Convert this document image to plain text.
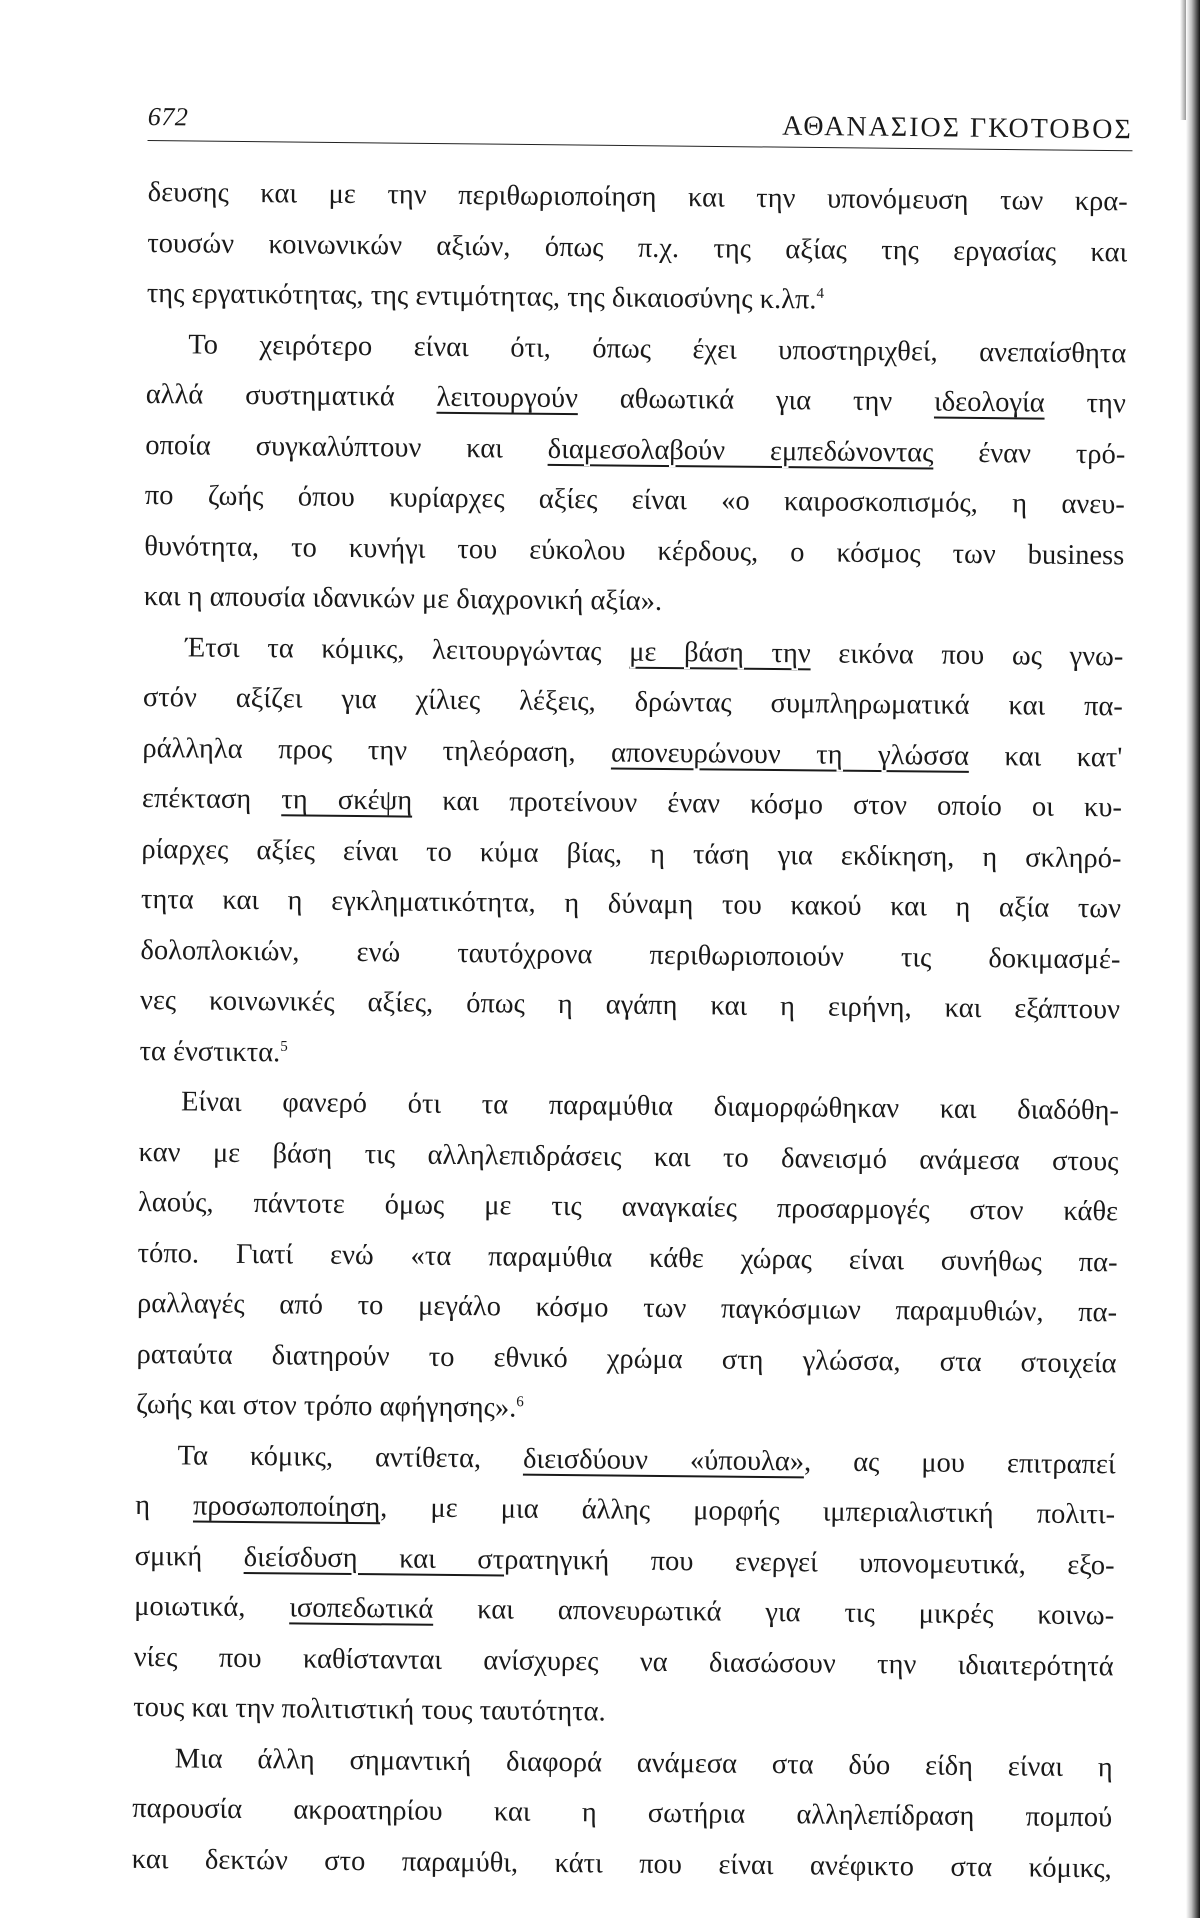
672	ΑΘΑΝΑΣΙΟΣ ΓΚΟΤΟΒΟΣ
δευσης και με την περιθωριοποίηση και την υπονόμευση των κρα-
τουσών κοινωνικών αξιών, όπως π.χ. της αξίας της εργασίας και
της εργατικότητας, της εντιμότητας, της δικαιοσύνης κ.λπ.$^4$
Το χειρότερο είναι ότι, όπως έχει υποστηριχθεί, ανεπαίσθητα
αλλά συστηματικά λειτουργούν αθωωτικά για την ιδεολογία την
οποία συγκαλύπτουν και διαμεσολαβούν εμπεδώνοντας έναν τρό-
πο ζωής όπου κυρίαρχες αξίες είναι «ο καιροσκοπισμός, η ανευ-
θυνότητα, το κυνήγι του εύκολου κέρδους, ο κόσμος των business
και η απουσία ιδανικών με διαχρονική αξία».
Έτσι τα κόμικς, λειτουργώντας με βάση την εικόνα που ως γνω-
στόν αξίζει για χίλιες λέξεις, δρώντας συμπληρωματικά και πα-
ράλληλα προς την τηλεόραση, απονευρώνουν τη γλώσσα και κατ'
επέκταση τη σκέψη και προτείνουν έναν κόσμο στον οποίο οι κυ-
ρίαρχες αξίες είναι το κύμα βίας, η τάση για εκδίκηση, η σκληρό-
τητα και η εγκληματικότητα, η δύναμη του κακού και η αξία των
δολοπλοκιών, ενώ ταυτόχρονα περιθωριοποιούν τις δοκιμασμέ-
νες κοινωνικές αξίες, όπως η αγάπη και η ειρήνη, και εξάπτουν
τα ένστικτα.$^5$
Είναι φανερό ότι τα παραμύθια διαμορφώθηκαν και διαδόθη-
καν με βάση τις αλληλεπιδράσεις και το δανεισμό ανάμεσα στους
λαούς, πάντοτε όμως με τις αναγκαίες προσαρμογές στον κάθε
τόπο. Γιατί ενώ «τα παραμύθια κάθε χώρας είναι συνήθως πα-
ραλλαγές από το μεγάλο κόσμο των παγκόσμιων παραμυθιών, πα-
ραταύτα διατηρούν το εθνικό χρώμα στη γλώσσα, στα στοιχεία
ζωής και στον τρόπο αφήγησης».$^6$
Τα κόμικς, αντίθετα, διεισδύουν «ύπουλα», ας μου επιτραπεί
η προσωποποίηση, με μια άλλης μορφής ιμπεριαλιστική πολιτι-
σμική διείσδυση και στρατηγική που ενεργεί υπονομευτικά, εξο-
μοιωτικά, ισοπεδωτικά και απονευρωτικά για τις μικρές κοινω-
νίες που καθίστανται ανίσχυρες να διασώσουν την ιδιαιτερότητά
τους και την πολιτιστική τους ταυτότητα.
Μια άλλη σημαντική διαφορά ανάμεσα στα δύο είδη είναι η
παρουσία ακροατηρίου και η σωτήρια αλληλεπίδραση πομπού
και δεκτών στο παραμύθι, κάτι που είναι ανέφικτο στα κόμικς,
